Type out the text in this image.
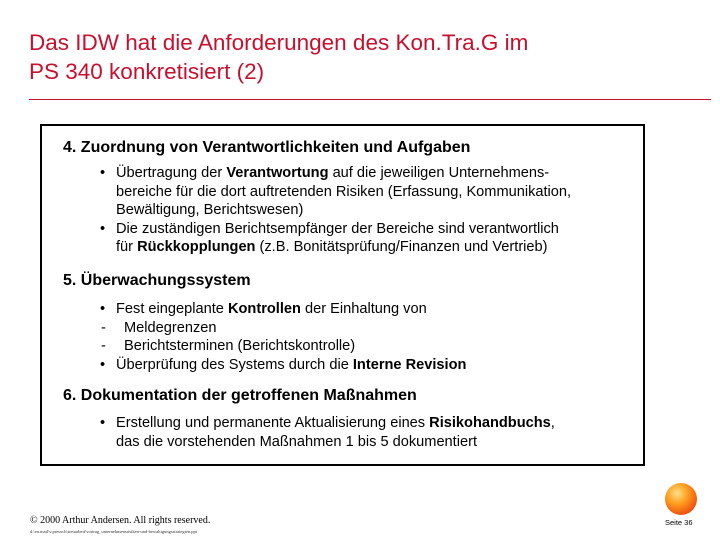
Das IDW hat die Anforderungen des Kon.Tra.G im
PS 340 konkretisiert (2)
4. Zuordnung von Verantwortlichkeiten und Aufgaben
• Übertragung der Verantwortung auf die jeweiligen Unternehmens-
bereiche für die dort auftretenden Risiken (Erfassung, Kommunikation,
Bewältigung, Berichtswesen)
• Die zuständigen Berichtsempfänger der Bereiche sind verantwortlich
für Rückkopplungen (z.B. Bonitätsprüfung/Finanzen und Vertrieb)
5. Überwachungssystem
• Fest eingeplante Kontrollen der Einhaltung von
- Meldegrenzen
- Berichtsterminen (Berichtskontrolle)
• Überprüfung des Systems durch die Interne Revision
6. Dokumentation der getroffenen Maßnahmen
• Erstellung und permanente Aktualisierung eines Risikohandbuchs,
das die vorstehenden Maßnahmen 1 bis 5 dokumentiert
© 2000 Arthur Andersen. All rights reserved.
d:\eu.mail\v.preusch\treuarbeit\vortrag_unternehmensrisiken-und-bewaltigungsstrategien.ppt
Seite 36
